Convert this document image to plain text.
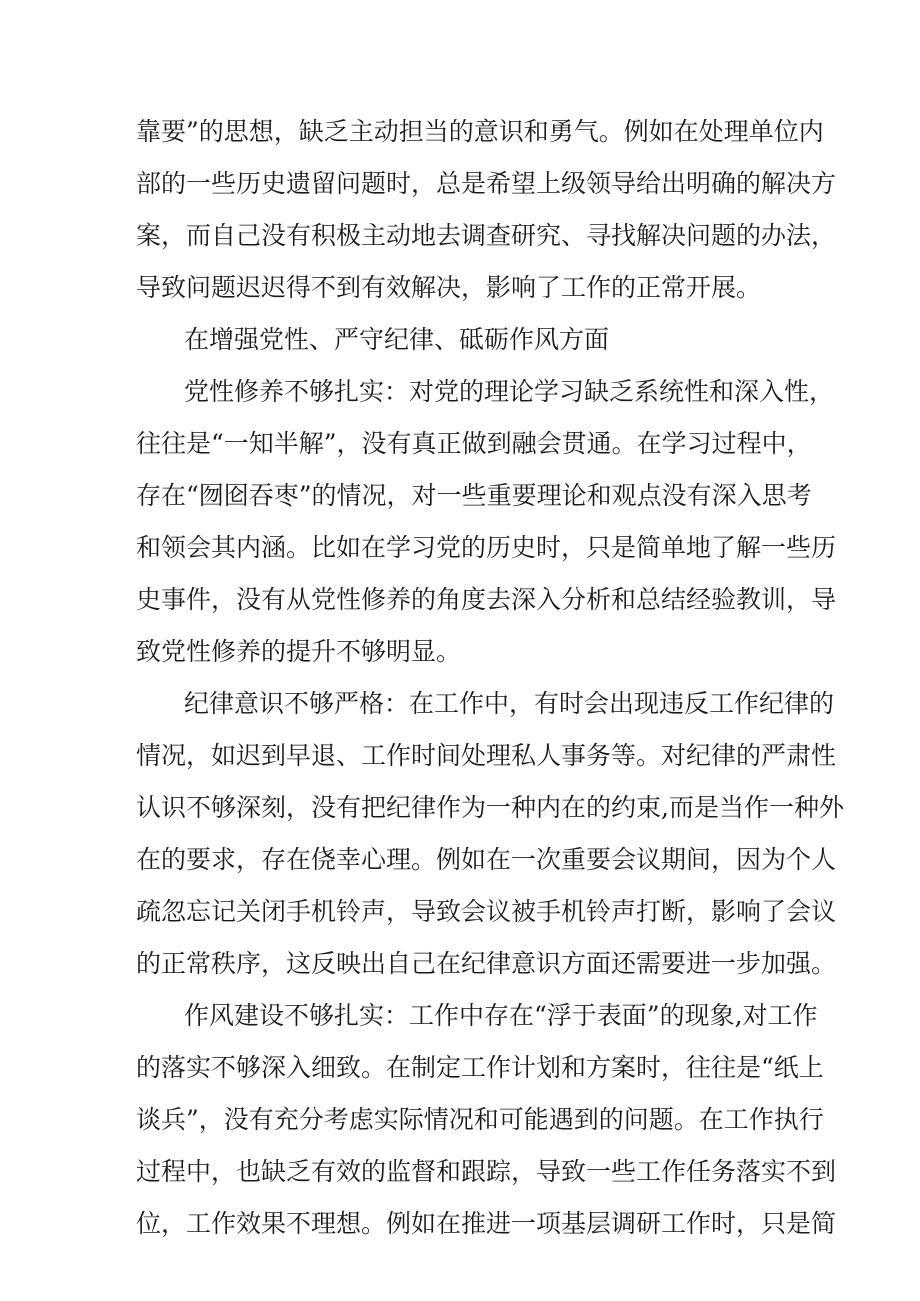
靠要”的思想，缺乏主动担当的意识和勇气。例如在处理单位内
部的一些历史遗留问题时，总是希望上级领导给出明确的解决方
案，而自己没有积极主动地去调查研究、寻找解决问题的办法，
导致问题迟迟得不到有效解决，影响了工作的正常开展。
在增强党性、严守纪律、砥砺作风方面
党性修养不够扎实：对党的理论学习缺乏系统性和深入性，
往往是“一知半解”，没有真正做到融会贯通。在学习过程中，
存在“囫囵吞枣”的情况，对一些重要理论和观点没有深入思考
和领会其内涵。比如在学习党的历史时，只是简单地了解一些历
史事件，没有从党性修养的角度去深入分析和总结经验教训，导
致党性修养的提升不够明显。
纪律意识不够严格：在工作中，有时会出现违反工作纪律的
情况，如迟到早退、工作时间处理私人事务等。对纪律的严肃性
认识不够深刻，没有把纪律作为一种内在的约束,而是当作一种外
在的要求，存在侥幸心理。例如在一次重要会议期间，因为个人
疏忽忘记关闭手机铃声，导致会议被手机铃声打断，影响了会议
的正常秩序，这反映出自己在纪律意识方面还需要进一步加强。
作风建设不够扎实：工作中存在“浮于表面”的现象,对工作
的落实不够深入细致。在制定工作计划和方案时，往往是“纸上
谈兵”，没有充分考虑实际情况和可能遇到的问题。在工作执行
过程中，也缺乏有效的监督和跟踪，导致一些工作任务落实不到
位，工作效果不理想。例如在推进一项基层调研工作时，只是简
